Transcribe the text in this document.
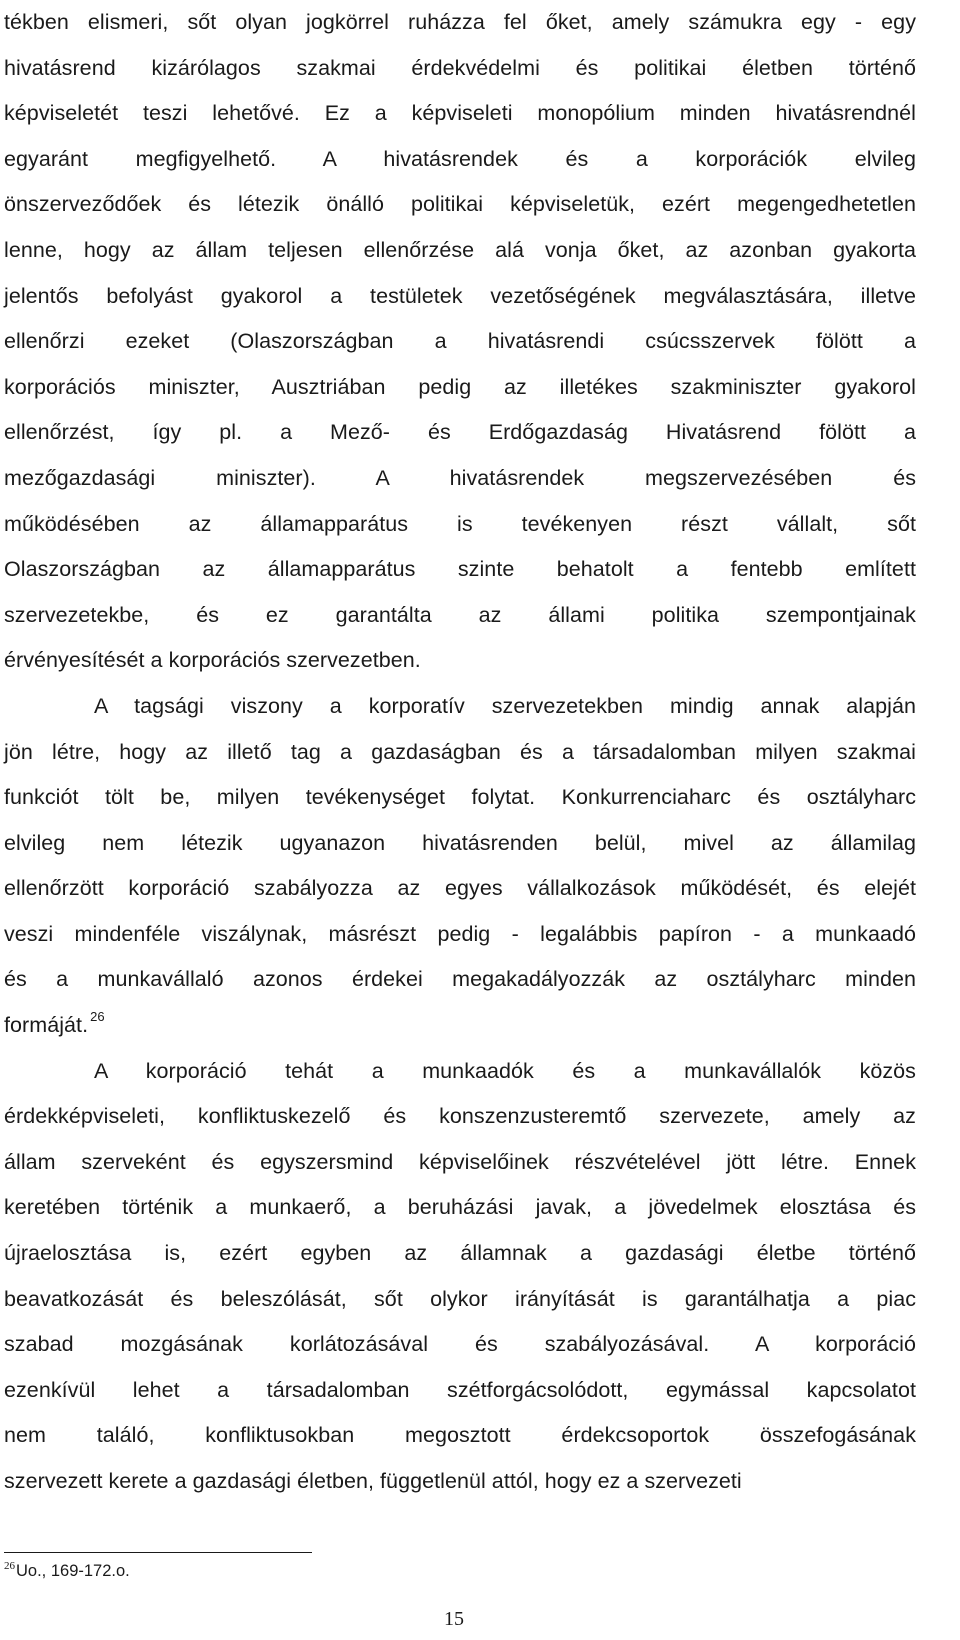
tékben elismeri, sőt olyan jogkörrel ruházza fel őket, amely számukra egy - egy
hivatásrend kizárólagos szakmai érdekvédelmi és politikai életben történő
képviseletét teszi lehetővé. Ez a képviseleti monopólium minden hivatásrendnél
egyaránt megfigyelhető. A hivatásrendek és a korporációk elvileg
önszerveződőek és létezik önálló politikai képviseletük, ezért megengedhetetlen
lenne, hogy az állam teljesen ellenőrzése alá vonja őket, az azonban gyakorta
jelentős befolyást gyakorol a testületek vezetőségének megválasztására, illetve
ellenőrzi ezeket (Olaszországban a hivatásrendi csúcsszervek fölött a
korporációs miniszter, Ausztriában pedig az illetékes szakminiszter gyakorol
ellenőrzést, így pl. a Mező- és Erdőgazdaság Hivatásrend fölött a
mezőgazdasági miniszter). A hivatásrendek megszervezésében és
működésében az államapparátus is tevékenyen részt vállalt, sőt
Olaszországban az államapparátus szinte behatolt a fentebb említett
szervezetekbe, és ez garantálta az állami politika szempontjainak
érvényesítését a korporációs szervezetben.
A tagsági viszony a korporatív szervezetekben mindig annak alapján
jön létre, hogy az illető tag a gazdaságban és a társadalomban milyen szakmai
funkciót tölt be, milyen tevékenységet folytat. Konkurrenciaharc és osztályharc
elvileg nem létezik ugyanazon hivatásrenden belül, mivel az államilag
ellenőrzött korporáció szabályozza az egyes vállalkozások működését, és elejét
veszi mindenféle viszálynak, másrészt pedig - legalábbis papíron - a munkaadó
és a munkavállaló azonos érdekei megakadályozzák az osztályharc minden
formáját. $^{26}$
A korporáció tehát a munkaadók és a munkavállalók közös
érdekképviseleti, konfliktuskezelő és konszenzusteremtő szervezete, amely az
állam szerveként és egyszersmind képviselőinek részvételével jött létre. Ennek
keretében történik a munkaerő, a beruházási javak, a jövedelmek elosztása és
újraelosztása is, ezért egyben az államnak a gazdasági életbe történő
beavatkozását és beleszólását, sőt olykor irányítását is garantálhatja a piac
szabad mozgásának korlátozásával és szabályozásával. A korporáció
ezenkívül lehet a társadalomban szétforgácsolódott, egymással kapcsolatot
nem találó, konfliktusokban megosztott érdekcsoportok összefogásának
szervezett kerete a gazdasági életben, függetlenül attól, hogy ez a szervezeti
$^{26}$Uo., 169-172.o.
15
